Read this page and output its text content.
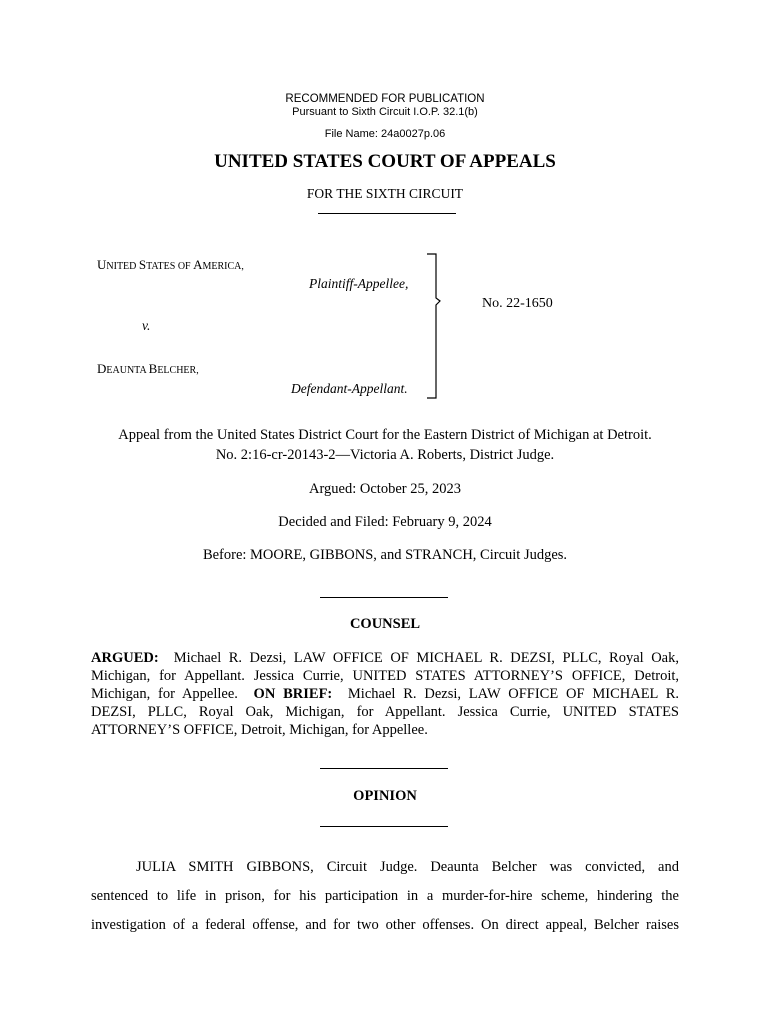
RECOMMENDED FOR PUBLICATION
Pursuant to Sixth Circuit I.O.P. 32.1(b)
File Name: 24a0027p.06
UNITED STATES COURT OF APPEALS
FOR THE SIXTH CIRCUIT
UNITED STATES OF AMERICA,
Plaintiff-Appellee,
v.
DEAUNTA BELCHER,
Defendant-Appellant.
No. 22-1650
Appeal from the United States District Court for the Eastern District of Michigan at Detroit.
No. 2:16-cr-20143-2—Victoria A. Roberts, District Judge.
Argued: October 25, 2023
Decided and Filed: February 9, 2024
Before: MOORE, GIBBONS, and STRANCH, Circuit Judges.
COUNSEL
ARGUED:  Michael R. Dezsi, LAW OFFICE OF MICHAEL R. DEZSI, PLLC, Royal Oak,
Michigan, for Appellant. Jessica Currie, UNITED STATES ATTORNEY’S OFFICE, Detroit,
Michigan, for Appellee.  ON BRIEF:  Michael R. Dezsi, LAW OFFICE OF MICHAEL R.
DEZSI, PLLC, Royal Oak, Michigan, for Appellant. Jessica Currie, UNITED STATES
ATTORNEY’S OFFICE, Detroit, Michigan, for Appellee.
OPINION
JULIA SMITH GIBBONS, Circuit Judge. Deaunta Belcher was convicted, and
sentenced to life in prison, for his participation in a murder-for-hire scheme, hindering the
investigation of a federal offense, and for two other offenses. On direct appeal, Belcher raises
